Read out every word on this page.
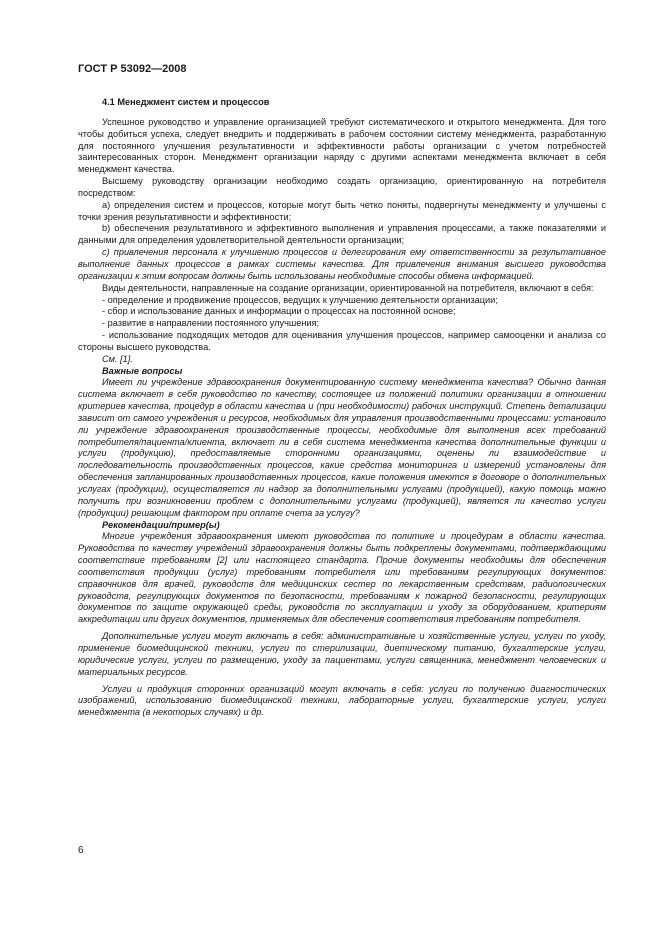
ГОСТ Р 53092—2008

4.1 Менеджмент систем и процессов

Успешное руководство и управление организацией требуют систематического и открытого менеджмента. Для того чтобы добиться успеха, следует внедрить и поддерживать в рабочем состоянии систему менеджмента, разработанную для постоянного улучшения результативности и эффективности работы организации с учетом потребностей заинтересованных сторон. Менеджмент организации наряду с другими аспектами менеджмента включает в себя менеджмент качества.

Высшему руководству организации необходимо создать организацию, ориентированную на потребителя посредством:

a) определения систем и процессов, которые могут быть четко поняты, подвергнуты менеджменту и улучшены с точки зрения результативности и эффективности;

b) обеспечения результативного и эффективного выполнения и управления процессами, а также показателями и данными для определения удовлетворительной деятельности организации;

c) привлечения персонала к улучшению процессов и делегирования ему ответственности за результативное выполнение данных процессов в рамках системы качества. Для привлечения внимания высшего руководства организации к этим вопросам должны быть использованы необходимые способы обмена информацией.

Виды деятельности, направленные на создание организации, ориентированной на потребителя, включают в себя:

- определение и продвижение процессов, ведущих к улучшению деятельности организации;

- сбор и использование данных и информации о процессах на постоянной основе;

- развитие в направлении постоянного улучшения;

- использование подходящих методов для оценивания улучшения процессов, например самооценки и анализа со стороны высшего руководства.

См. [1].

Важные вопросы

Имеет ли учреждение здравоохранения документированную систему менеджмента качества? Обычно данная система включает в себя руководство по качеству, состоящее из положений политики организации в отношении критериев качества, процедур в области качества и (при необходимости) рабочих инструкций. Степень детализации зависит от самого учреждения и ресурсов, необходимых для управления производственными процессами: установило ли учреждение здравоохранения производственные процессы, необходимые для выполнения всех требований потребителя/пациента/клиента, включает ли в себя система менеджмента качества дополнительные функции и услуги (продукцию), предоставляемые сторонними организациями, оценены ли взаимодействие и последовательность производственных процессов, какие средства мониторинга и измерений установлены для обеспечения запланированных производственных процессов, какие положения имеются в договоре о дополнительных услугах (продукции), осуществляется ли надзор за дополнительными услугами (продукцией), какую помощь можно получить при возникновении проблем с дополнительными услугами (продукцией), является ли качество услуги (продукции) решающим фактором при оплате счета за услугу?

Рекомендации/пример(ы)

Многие учреждения здравоохранения имеют руководства по политике и процедурам в области качества. Руководства по качеству учреждений здравоохранения должны быть подкреплены документами, подтверждающими соответствие требованиям [2] или настоящего стандарта. Прочие документы необходимы для обеспечения соответствия продукции (услуг) требованиям потребителя или требованиям регулирующих документов: справочников для врачей, руководств для медицинских сестер по лекарственным средствам, радиологических руководств, регулирующих документов по безопасности, требованиям к пожарной безопасности, регулирующих документов по защите окружающей среды, руководств по эксплуатации и уходу за оборудованием, критериям аккредитации или других документов, применяемых для обеспечения соответствия требованиям потребителя.

Дополнительные услуги могут включать в себя: административные и хозяйственные услуги, услуги по уходу, применение биомедицинской техники, услуги по стерилизации, диетическому питанию, бухгалтерские услуги, юридические услуги, услуги по размещению, уходу за пациентами, услуги священника, менеджмент человеческих и материальных ресурсов.

Услуги и продукция сторонних организаций могут включать в себя: услуги по получению диагностических изображений, использованию биомедицинской техники, лабораторные услуги, бухгалтерские услуги, услуги менеджмента (в некоторых случаях) и др.

6
